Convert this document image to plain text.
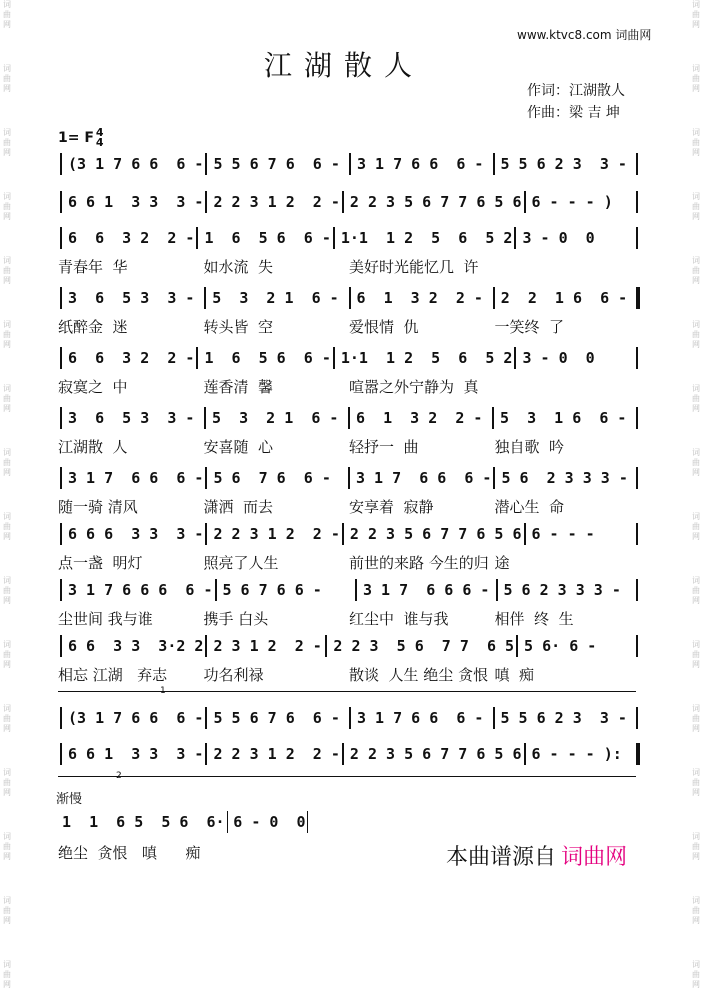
词
曲
网
词
曲
网
词
曲
网
词
曲
网
词
曲
网
词
曲
网
词
曲
网
词
曲
网
词
曲
网
词
曲
网
词
曲
网
词
曲
网
词
曲
网
词
曲
网
词
曲
网
词
曲
网
词
曲
网
词
曲
网
词
曲
网
词
曲
网
词
曲
网
词
曲
网
词
曲
网
词
曲
网
词
曲
网
词
曲
网
词
曲
网
词
曲
网
词
曲
网
词
曲
网
词
曲
网
词
曲
网
www.ktvc8.com 词曲网
江湖散人
作词：江湖散人
作曲：梁 吉 坤
1= F 4
4
(3 1 7 6 6  6 - 5 5 6 7 6  6 -	3 1 7 6 6  6 -	5 5 6 2 3  3 -
6 6 1  3 3  3 - 2 2 3 1 2  2 - 2 2 3 5 6 7 7 6 5 6 6 - - - )
6  6  3 2  2 - 1  6  5 6  6 - 1·1  1 2  5  6  5 2 3 - 0  0
青春年  华	如水流  失	美好时光能忆几  许
3  6  5 3  3 -	5  3  2 1  6 -	6  1  3 2  2 -	2  2  1 6  6 -
纸醉金  迷	转头皆  空	爱恨情  仇	一笑终  了
6  6  3 2  2 - 1  6  5 6  6 - 1·1  1 2  5  6  5 2 3 - 0  0
寂寞之  中	莲香清  馨	喧嚣之外宁静为  真
3  6  5 3  3 -	5  3  2 1  6 -	6  1  3 2  2 -	5  3  1 6  6 -
江湖散  人	安喜随  心	轻抒一  曲	独自歌  吟
3 1 7  6 6  6 - 5 6  7 6  6 -	3 1 7  6 6  6 - 5 6  2 3 3 3 -
随一骑 清风	潇洒  而去	安享着  寂静	潜心生  命
6 6 6  3 3  3 - 2 2 3 1 2  2 - 2 2 3 5 6 7 7 6 5 6 6 - - -
点一盏  明灯	照亮了人生	前世的来路 今生的归 途
3 1 7 6 6 6  6 - 5 6 7 6 6 -	3 1 7  6 6 6 - 5 6 2 3 3 3 -
尘世间 我与谁	携手 白头	红尘中  谁与我	相伴  终  生
6 6  3 3  3·2 2 2 3 1 2  2 - 2 2 3  5 6  7 7  6 5 5 6· 6 -
相忘 江湖   弃志	功名利禄	散谈  人生 绝尘 贪恨 嗔  痴
(3 1 7 6 6  6 - 5 5 6 7 6  6 -	3 1 7 6 6  6 -	5 5 6 2 3  3 -
6 6 1  3 3  3 - 2 2 3 1 2  2 - 2 2 3 5 6 7 7 6 5 6 6 - - - ):
1
2
渐慢
1  1  6 5  5 6  6· 6 - 0  0
绝尘  贪恨   嗔      痴	本曲谱源自 词曲网
